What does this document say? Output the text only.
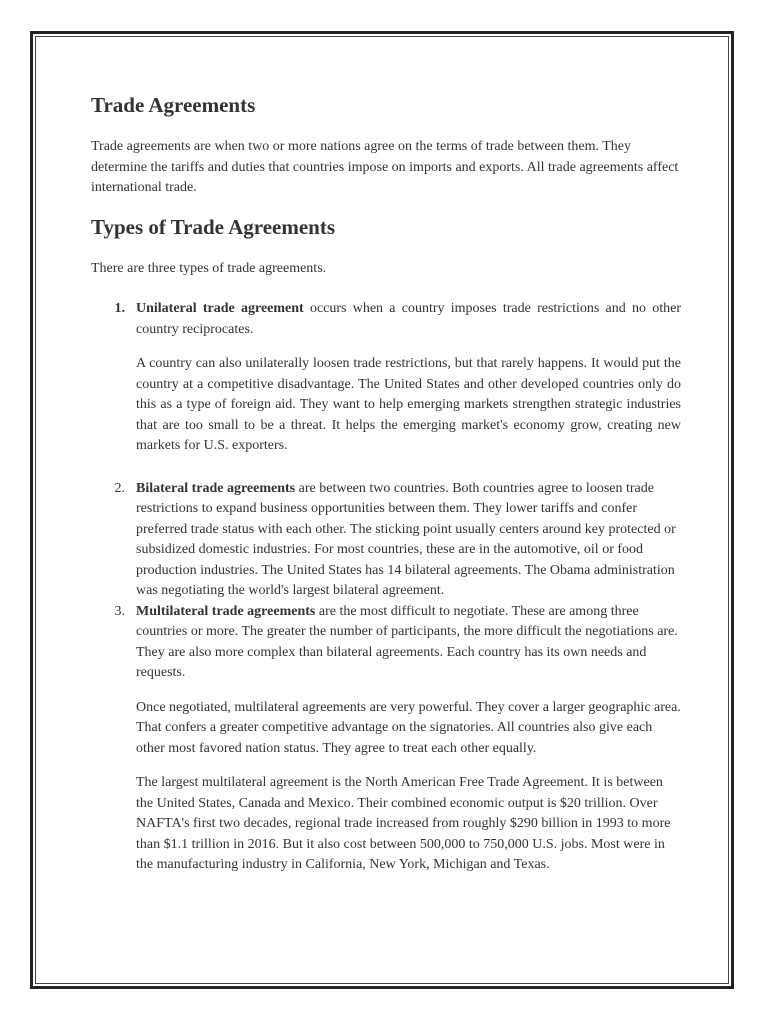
Trade Agreements

Trade agreements are when two or more nations agree on the terms of trade between them. They determine the tariffs and duties that countries impose on imports and exports. All trade agreements affect international trade.

Types of Trade Agreements

There are three types of trade agreements.

1. Unilateral trade agreement occurs when a country imposes trade restrictions and no other country reciprocates.

A country can also unilaterally loosen trade restrictions, but that rarely happens. It would put the country at a competitive disadvantage. The United States and other developed countries only do this as a type of foreign aid. They want to help emerging markets strengthen strategic industries that are too small to be a threat. It helps the emerging market's economy grow, creating new markets for U.S. exporters.

2. Bilateral trade agreements are between two countries. Both countries agree to loosen trade restrictions to expand business opportunities between them. They lower tariffs and confer preferred trade status with each other. The sticking point usually centers around key protected or subsidized domestic industries. For most countries, these are in the automotive, oil or food production industries. The United States has 14 bilateral agreements. The Obama administration was negotiating the world's largest bilateral agreement.

3. Multilateral trade agreements are the most difficult to negotiate. These are among three countries or more. The greater the number of participants, the more difficult the negotiations are. They are also more complex than bilateral agreements. Each country has its own needs and requests.

Once negotiated, multilateral agreements are very powerful. They cover a larger geographic area. That confers a greater competitive advantage on the signatories. All countries also give each other most favored nation status. They agree to treat each other equally.

The largest multilateral agreement is the North American Free Trade Agreement. It is between the United States, Canada and Mexico. Their combined economic output is $20 trillion. Over NAFTA's first two decades, regional trade increased from roughly $290 billion in 1993 to more than $1.1 trillion in 2016. But it also cost between 500,000 to 750,000 U.S. jobs. Most were in the manufacturing industry in California, New York, Michigan and Texas.
